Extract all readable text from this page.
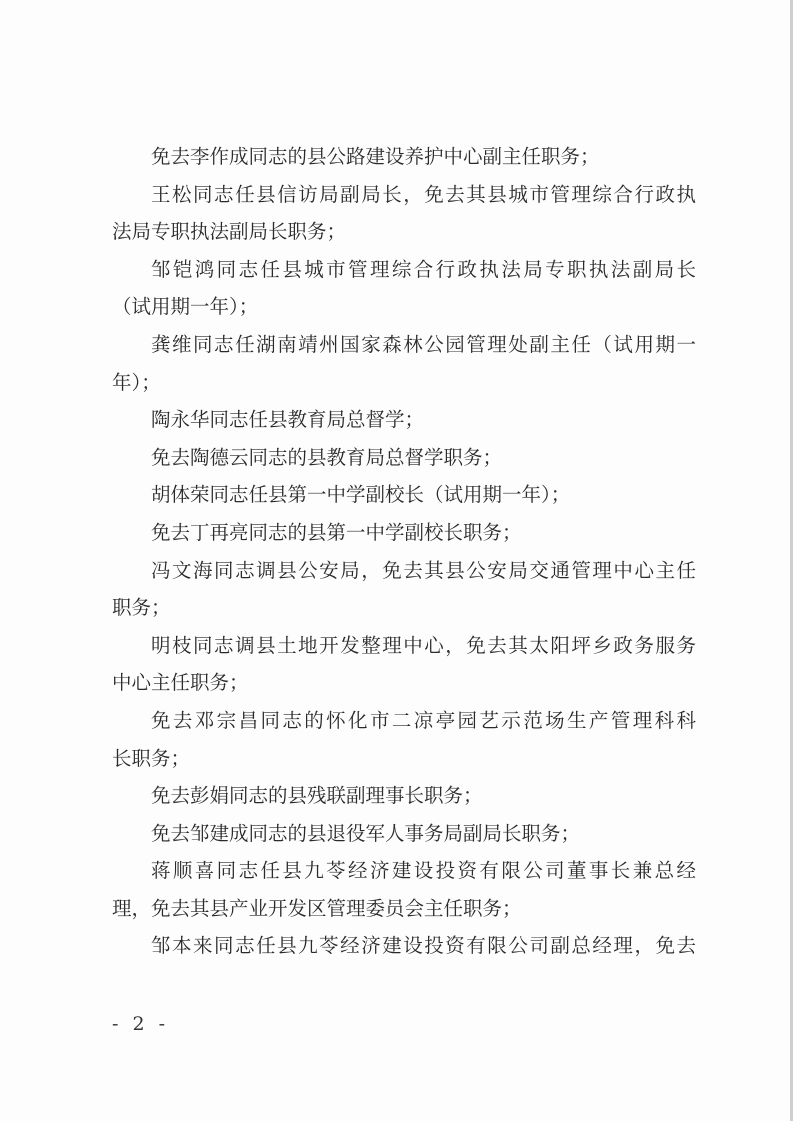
免去李作成同志的县公路建设养护中心副主任职务；
王松同志任县信访局副局长，免去其县城市管理综合行政执
法局专职执法副局长职务；
邹铠鸿同志任县城市管理综合行政执法局专职执法副局长
（试用期一年）；
龚维同志任湖南靖州国家森林公园管理处副主任（试用期一
年）；
陶永华同志任县教育局总督学；
免去陶德云同志的县教育局总督学职务；
胡体荣同志任县第一中学副校长（试用期一年）；
免去丁再亮同志的县第一中学副校长职务；
冯文海同志调县公安局，免去其县公安局交通管理中心主任
职务；
明枝同志调县土地开发整理中心，免去其太阳坪乡政务服务
中心主任职务；
免去邓宗昌同志的怀化市二凉亭园艺示范场生产管理科科
长职务；
免去彭娟同志的县残联副理事长职务；
免去邹建成同志的县退役军人事务局副局长职务；
蒋顺喜同志任县九苓经济建设投资有限公司董事长兼总经
理，免去其县产业开发区管理委员会主任职务；
邹本来同志任县九苓经济建设投资有限公司副总经理，免去
- 2 -
